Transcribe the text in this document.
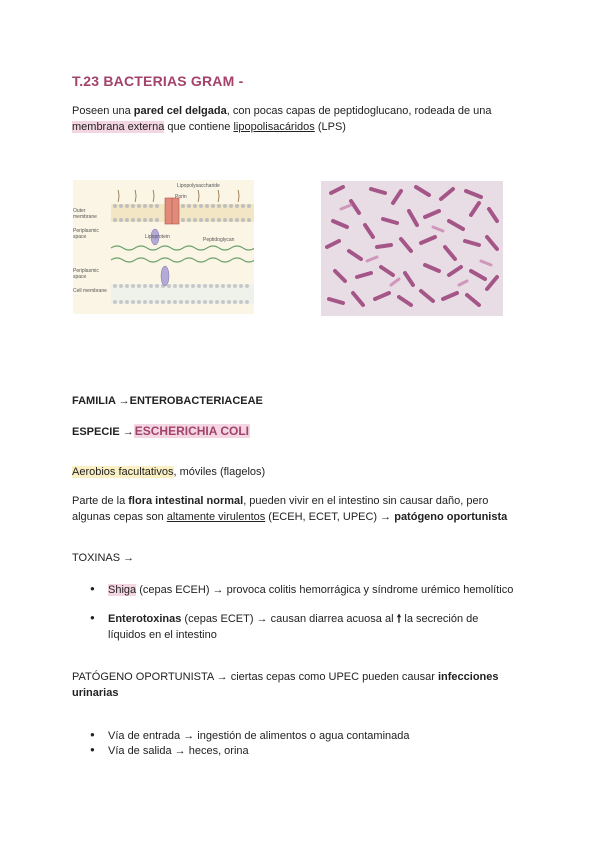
T.23 BACTERIAS GRAM -
Poseen una pared cel delgada, con pocas capas de peptidoglucano, rodeada de una membrana externa que contiene lipopolisacáridos (LPS)
Lipopolysaccharide
Porin
Outer membrane
Periplasmic space	Lipoprotein	Peptidoglycan
Periplasmic space
Cell membrane
FAMILIA →ENTEROBACTERIACEAE
ESPECIE →ESCHERICHIA COLI
Aerobios facultativos, móviles (flagelos)
Parte de la flora intestinal normal, pueden vivir en el intestino sin causar daño, pero algunas cepas son altamente virulentos (ECEH, ECET, UPEC) → patógeno oportunista
TOXINAS →
●
Shiga (cepas ECEH) → provoca colitis hemorrágica y síndrome urémico hemolítico
●
Enterotoxinas (cepas ECET) → causan diarrea acuosa al 🠕 la secreción de líquidos en el intestino
PATÓGENO OPORTUNISTA → ciertas cepas como UPEC pueden causar infecciones urinarias
●
Vía de entrada → ingestión de alimentos o agua contaminada
●
Vía de salida → heces, orina
